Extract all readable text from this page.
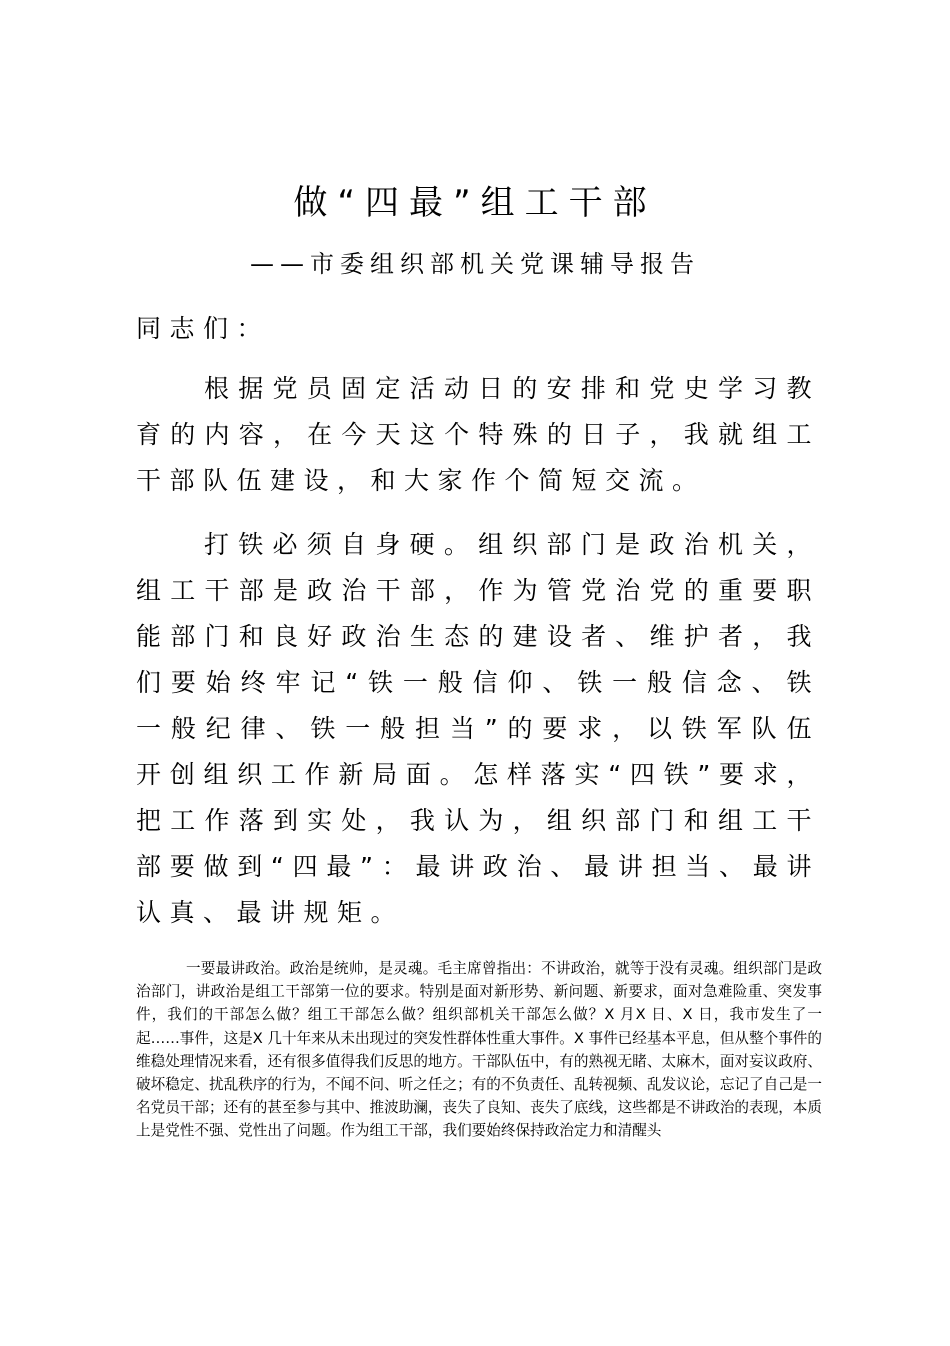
做“四最”组工干部
——市委组织部机关党课辅导报告
同志们：
根据党员固定活动日的安排和党史学习教育的内容，在今天这个特殊的日子，我就组工干部队伍建设，和大家作个简短交流。
打铁必须自身硬。组织部门是政治机关，组工干部是政治干部，作为管党治党的重要职能部门和良好政治生态的建设者、维护者，我们要始终牢记“铁一般信仰、铁一般信念、铁一般纪律、铁一般担当”的要求，以铁军队伍开创组织工作新局面。怎样落实“四铁”要求，把工作落到实处，我认为，组织部门和组工干部要做到“四最”：最讲政治、最讲担当、最讲认真、最讲规矩。
一要最讲政治。政治是统帅，是灵魂。毛主席曾指出：不讲政治，就等于没有灵魂。组织部门是政治部门，讲政治是组工干部第一位的要求。特别是面对新形势、新问题、新要求，面对急难险重、突发事件，我们的干部怎么做？组工干部怎么做？组织部机关干部怎么做？X 月X 日、X 日，我市发生了一起……事件，这是X 几十年来从未出现过的突发性群体性重大事件。X 事件已经基本平息，但从整个事件的维稳处理情况来看，还有很多值得我们反思的地方。干部队伍中，有的熟视无睹、太麻木，面对妄议政府、破坏稳定、扰乱秩序的行为，不闻不问、听之任之；有的不负责任、乱转视频、乱发议论，忘记了自己是一名党员干部；还有的甚至参与其中、推波助澜，丧失了良知、丧失了底线，这些都是不讲政治的表现，本质上是党性不强、党性出了问题。作为组工干部，我们要始终保持政治定力和清醒头
